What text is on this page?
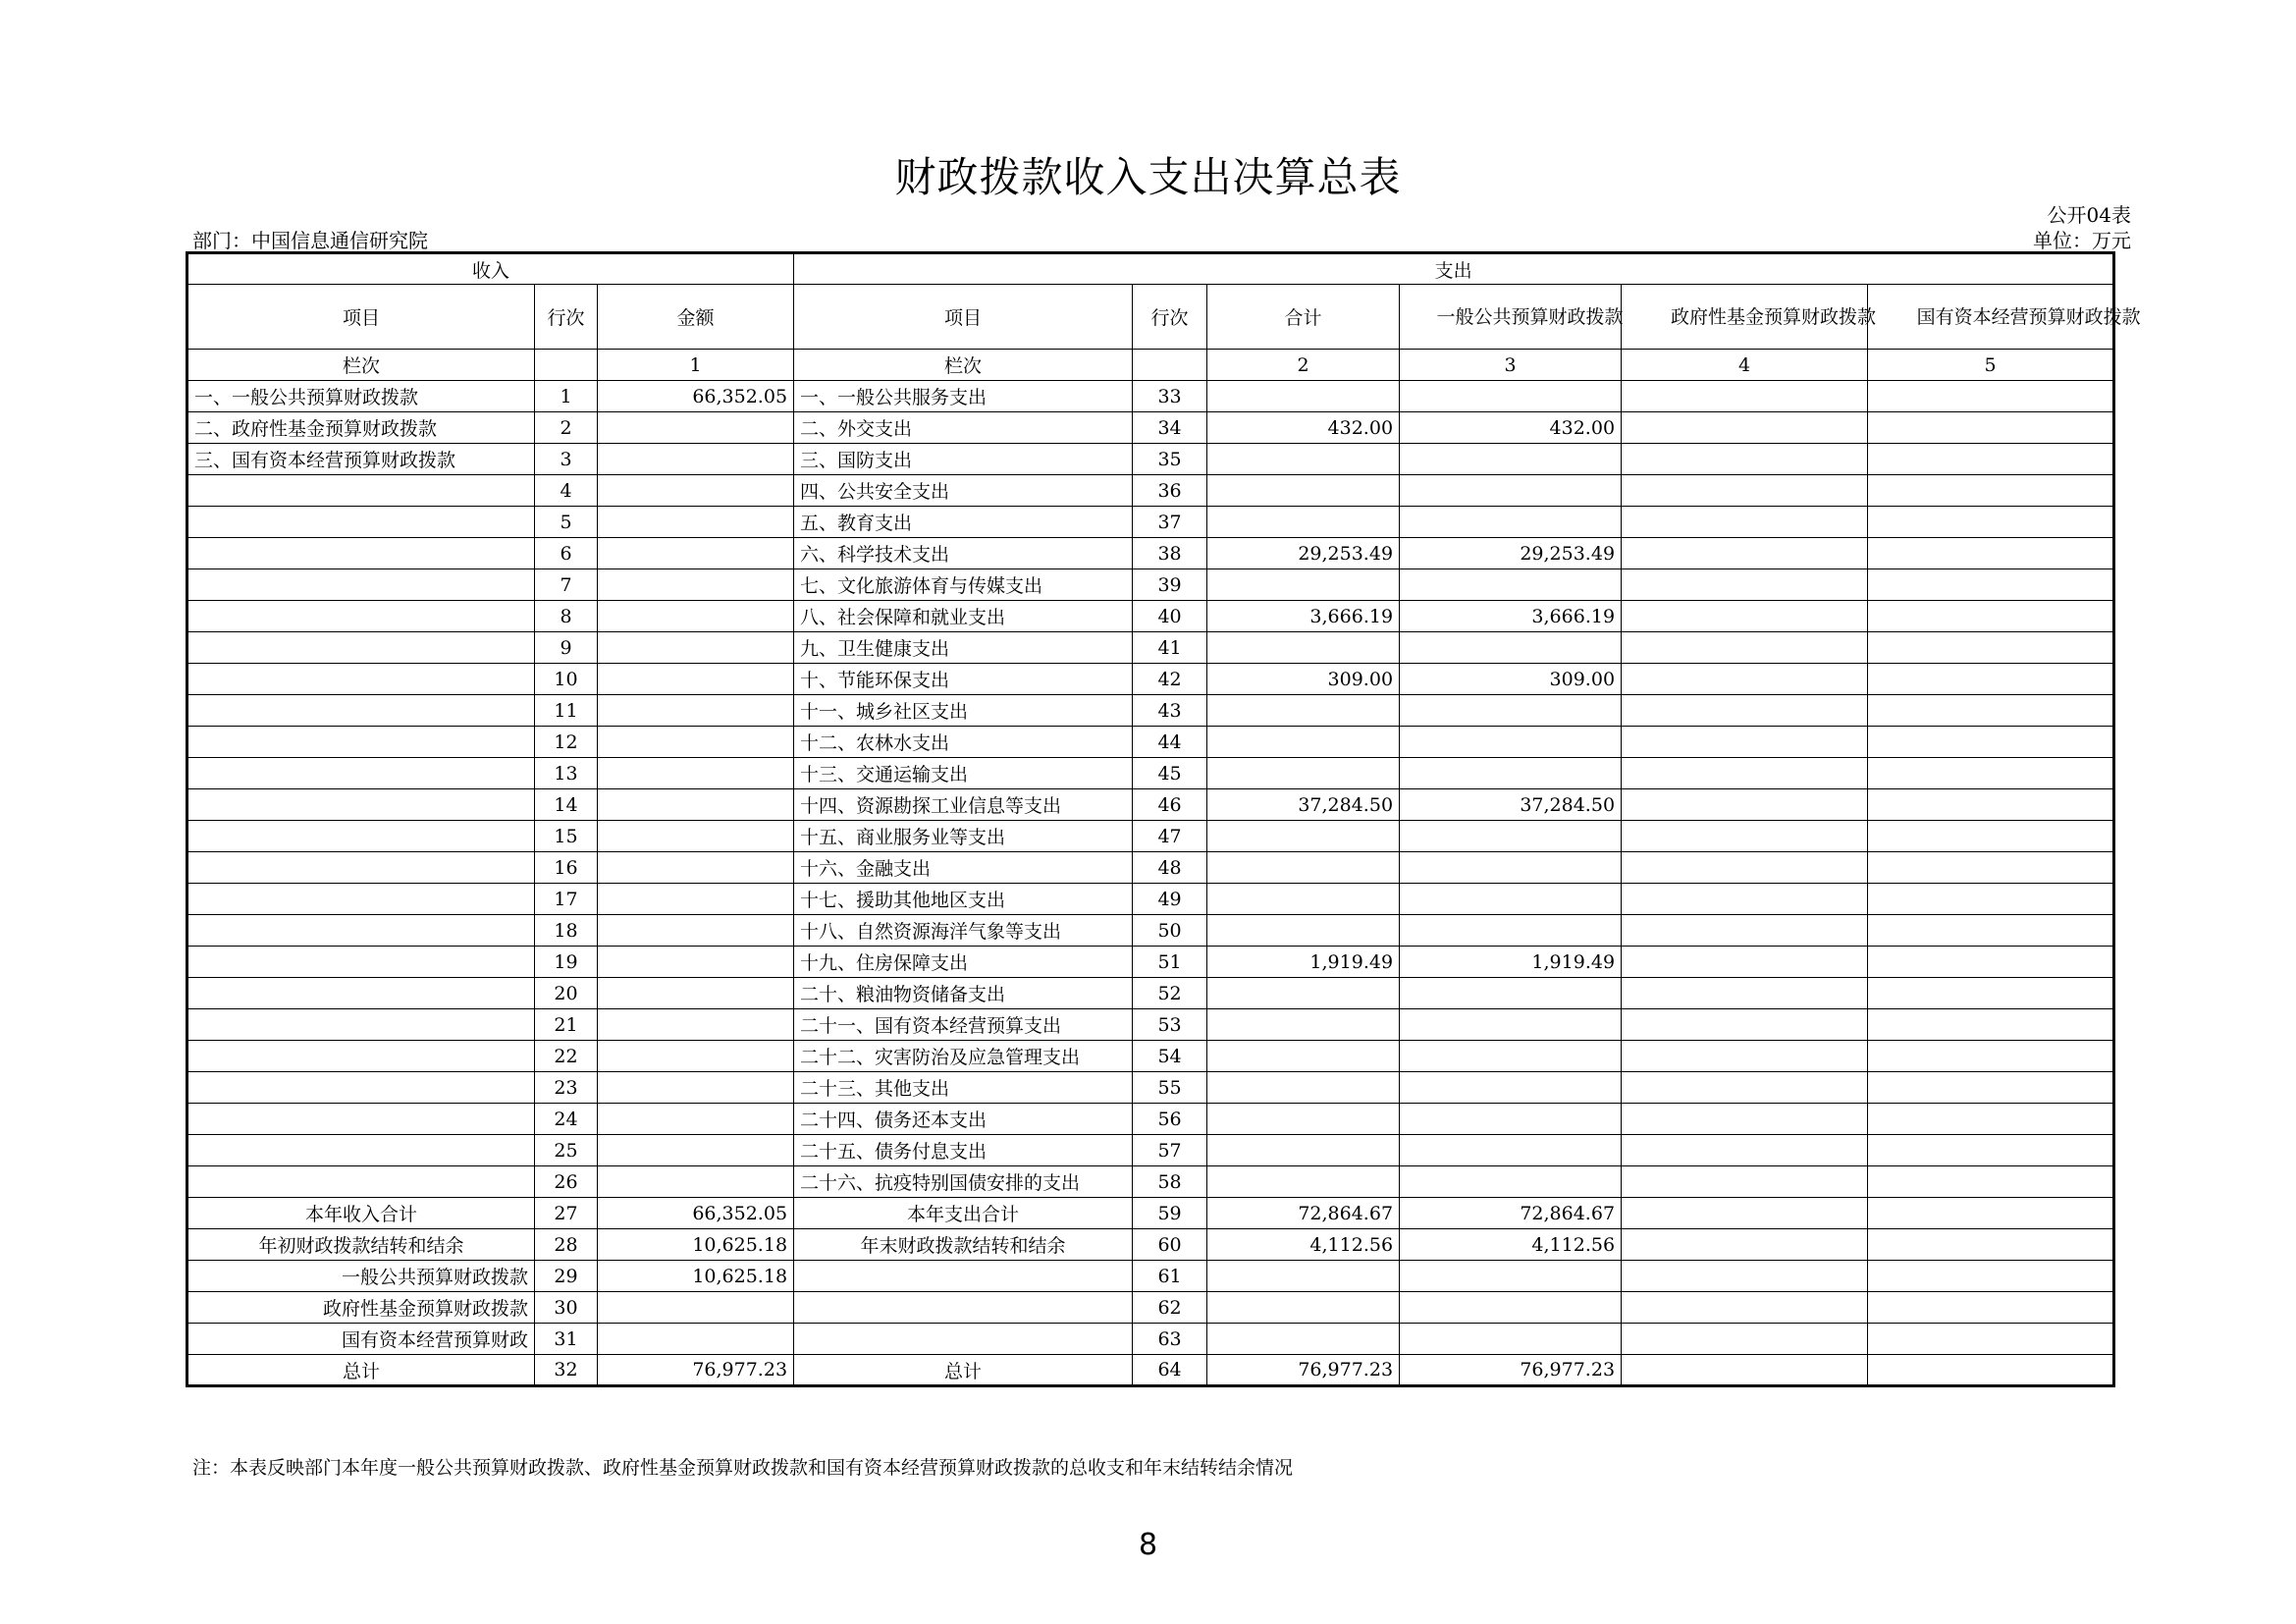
财政拨款收入支出决算总表
公开04表
部门：中国信息通信研究院	单位：万元
收入			支出					
项目	行次	金额	项目	行次	合计	一般公共预算财政拨款	政府性基金预算财政拨款	国有资本经营预算财政拨款

栏次		1	栏次		2	3	4	5
一、一般公共预算财政拨款	1	66,352.05	一、一般公共服务支出	33				
二、政府性基金预算财政拨款	2		二、外交支出	34	432.00	432.00		
三、国有资本经营预算财政拨款	3		三、国防支出	35				
	4		四、公共安全支出	36				
	5		五、教育支出	37				
	6		六、科学技术支出	38	29,253.49	29,253.49		
	7		七、文化旅游体育与传媒支出	39				
	8		八、社会保障和就业支出	40	3,666.19	3,666.19		
	9		九、卫生健康支出	41				
	10		十、节能环保支出	42	309.00	309.00		
	11		十一、城乡社区支出	43				
	12		十二、农林水支出	44				
	13		十三、交通运输支出	45				
	14		十四、资源勘探工业信息等支出	46	37,284.50	37,284.50		
	15		十五、商业服务业等支出	47				
	16		十六、金融支出	48				
	17		十七、援助其他地区支出	49				
	18		十八、自然资源海洋气象等支出	50				
	19		十九、住房保障支出	51	1,919.49	1,919.49		
	20		二十、粮油物资储备支出	52				
	21		二十一、国有资本经营预算支出	53				
	22		二十二、灾害防治及应急管理支出	54				
	23		二十三、其他支出	55				
	24		二十四、债务还本支出	56				
	25		二十五、债务付息支出	57				
	26		二十六、抗疫特别国债安排的支出	58				
本年收入合计	27	66,352.05	本年支出合计	59	72,864.67	72,864.67		
年初财政拨款结转和结余	28	10,625.18	年末财政拨款结转和结余	60	4,112.56	4,112.56		
一般公共预算财政拨款	29	10,625.18		61				
政府性基金预算财政拨款	30			62				
国有资本经营预算财政	31			63				
总计	32	76,977.23	总计	64	76,977.23	76,977.23		
注：本表反映部门本年度一般公共预算财政拨款、政府性基金预算财政拨款和国有资本经营预算财政拨款的总收支和年末结转结余情况
8
